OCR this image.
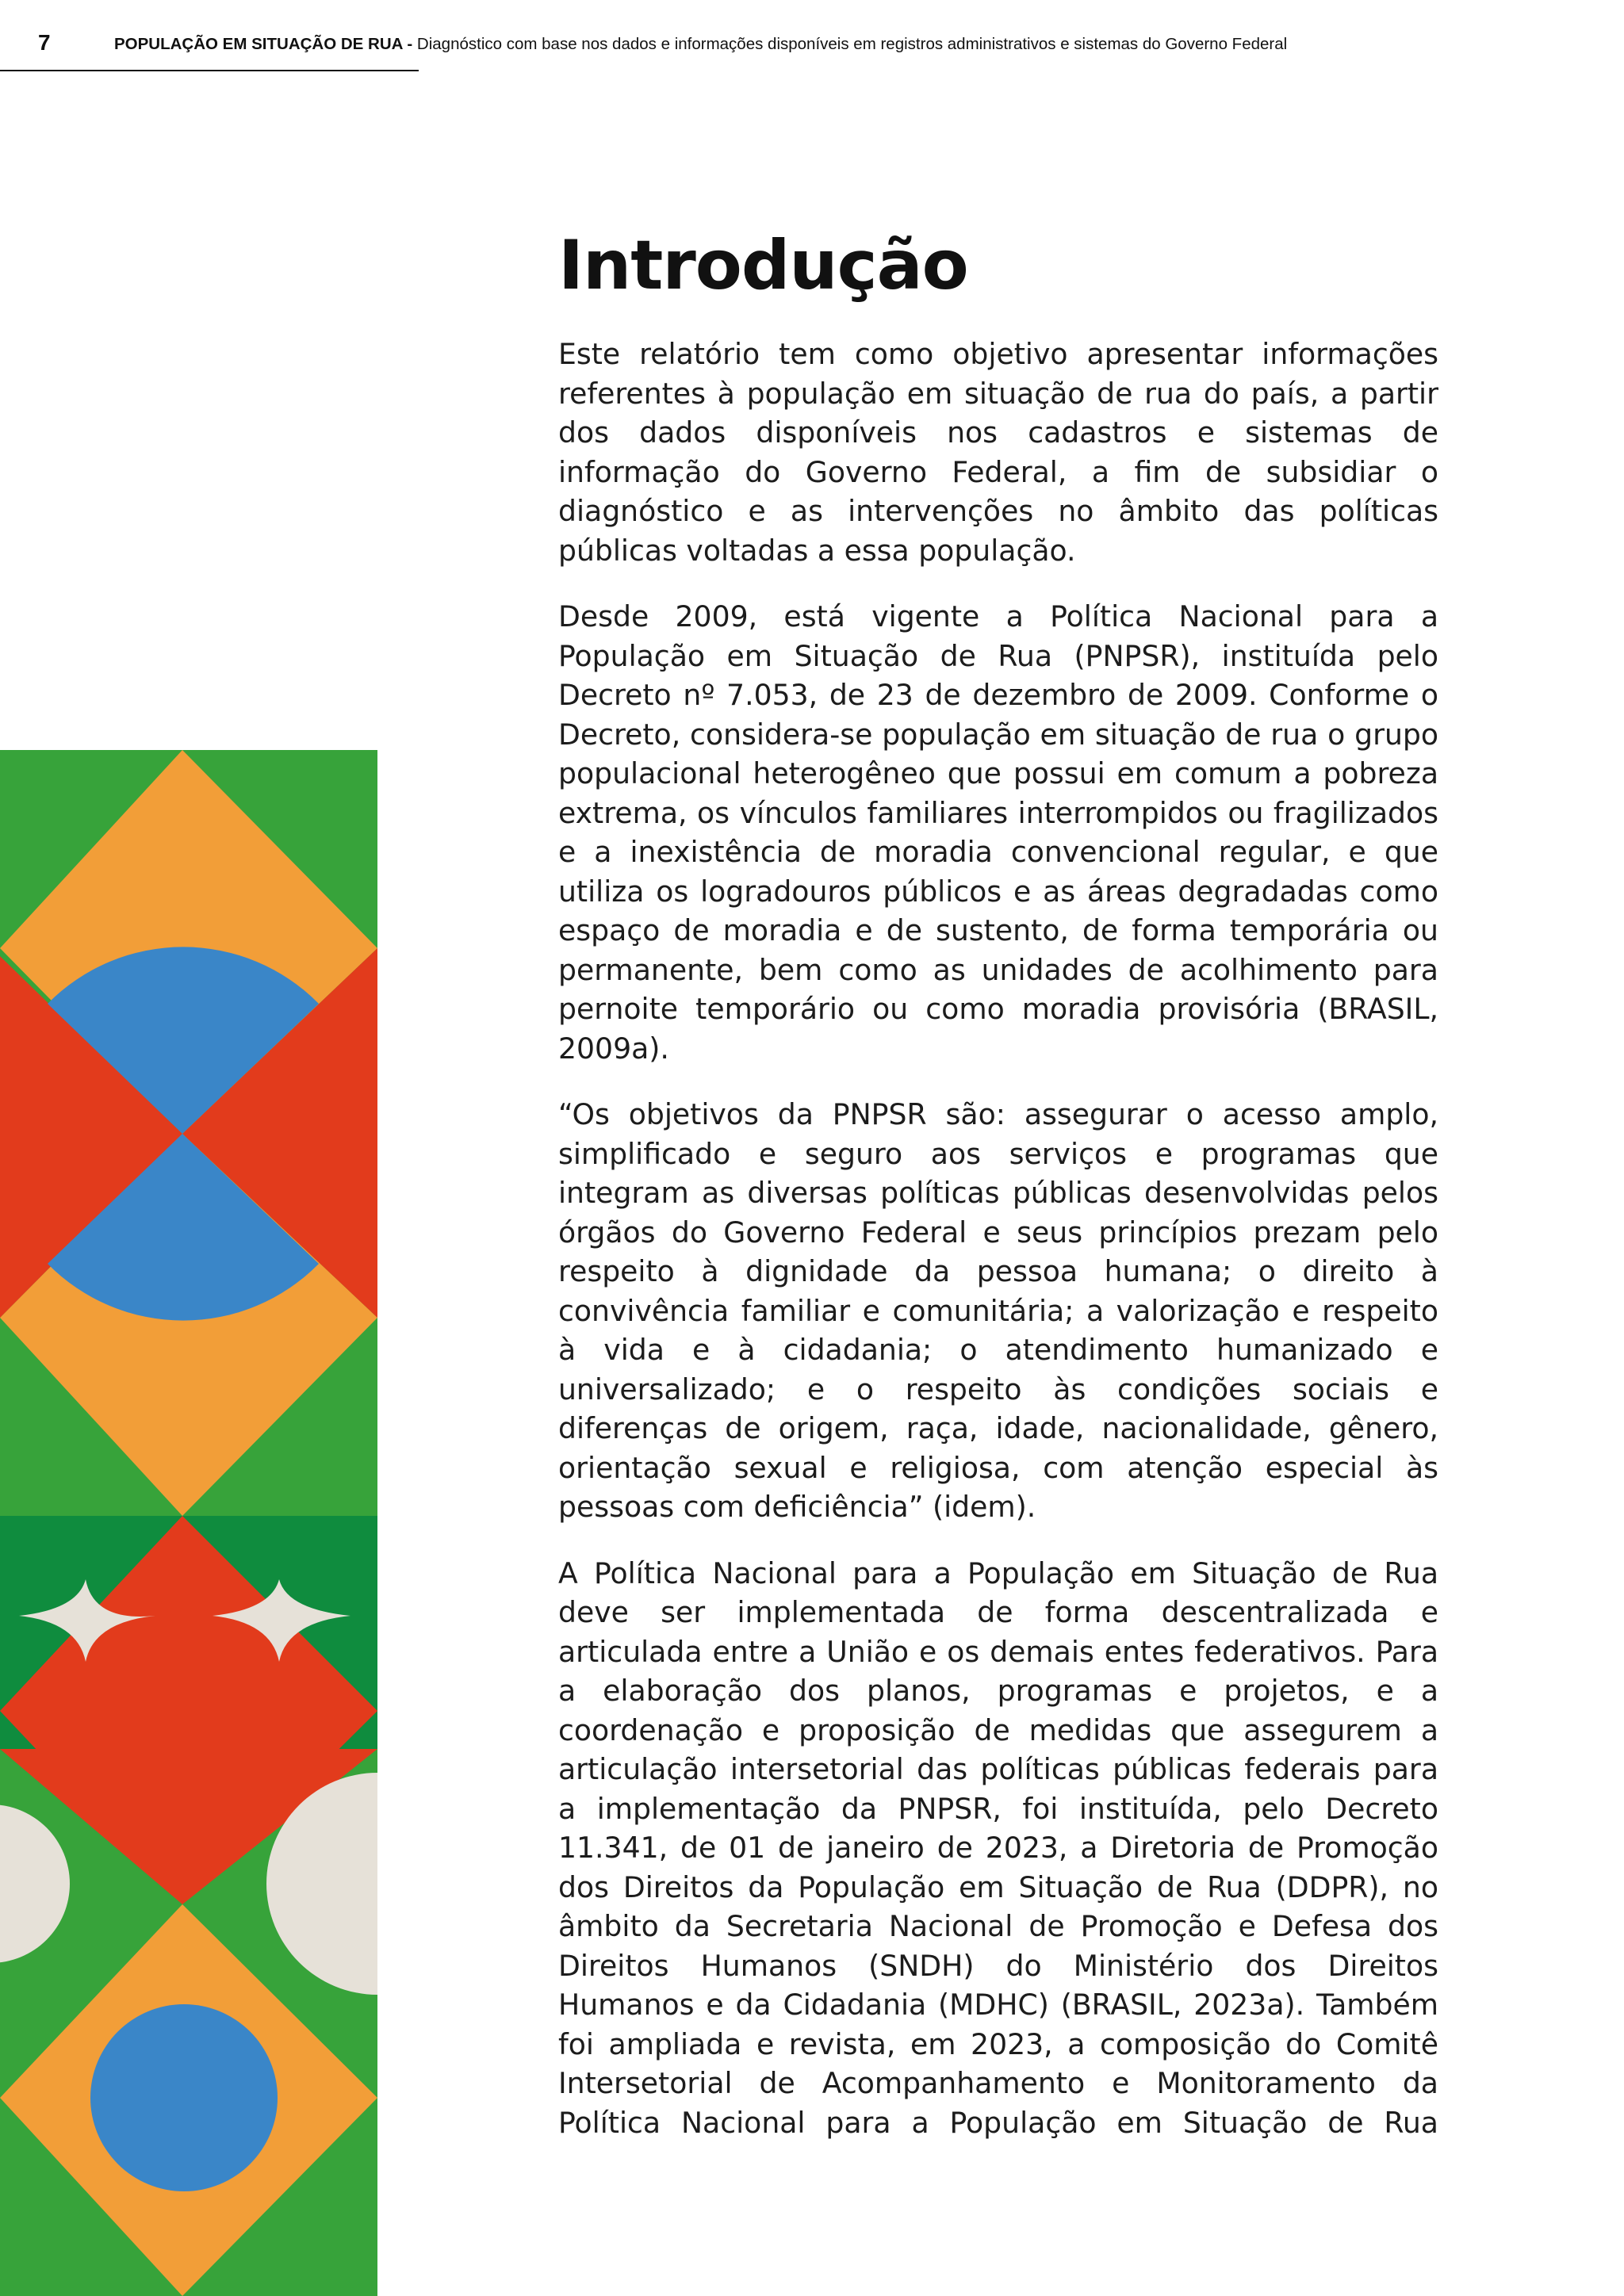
7	POPULAÇÃO EM SITUAÇÃO DE RUA - Diagnóstico com base nos dados e informações disponíveis em registros administrativos e sistemas do Governo Federal
Introdução

Este relatório tem como objetivo apresentar informações referentes à população em situação de rua do país, a partir dos dados disponíveis nos cadastros e sistemas de informação do Governo Federal, a fim de subsidiar o diagnóstico e as intervenções no âmbito das políticas públicas voltadas a essa população.

Desde 2009, está vigente a Política Nacional para a População em Situação de Rua (PNPSR), instituída pelo Decreto nº 7.053, de 23 de dezembro de 2009. Conforme o Decreto, considera-se população em situação de rua o grupo populacional heterogêneo que possui em comum a pobreza extrema, os vínculos familiares interrompidos ou fragilizados e a inexistência de moradia convencional regular, e que utiliza os logradouros públicos e as áreas degradadas como espaço de moradia e de sustento, de forma temporária ou permanente, bem como as unidades de acolhimento para pernoite temporário ou como moradia provisória (BRASIL, 2009a).

“Os objetivos da PNPSR são: assegurar o acesso amplo, simplificado e seguro aos serviços e programas que integram as diversas políticas públicas desenvolvidas pelos órgãos do Governo Federal e seus princípios prezam pelo respeito à dignidade da pessoa humana; o direito à convivência familiar e comunitária; a valorização e respeito à vida e à cidadania; o atendimento humanizado e universalizado; e o respeito às condições sociais e diferenças de origem, raça, idade, nacionalidade, gênero, orientação sexual e religiosa, com atenção especial às pessoas com deficiência” (idem).

A Política Nacional para a População em Situação de Rua deve ser implementada de forma descentralizada e articulada entre a União e os demais entes federativos. Para a elaboração dos planos, programas e projetos, e a coordenação e proposição de medidas que assegurem a articulação intersetorial das políticas públicas federais para a implementação da PNPSR, foi instituída, pelo Decreto 11.341, de 01 de janeiro de 2023, a Diretoria de Promoção dos Direitos da População em Situação de Rua (DDPR), no âmbito da Secretaria Nacional de Promoção e Defesa dos Direitos Humanos (SNDH) do Ministério dos Direitos Humanos e da Cidadania (MDHC) (BRASIL, 2023a). Também foi ampliada e revista, em 2023, a composição do Comitê Intersetorial de Acompanhamento e Monitoramento da Política Nacional para a População em Situação de Rua
